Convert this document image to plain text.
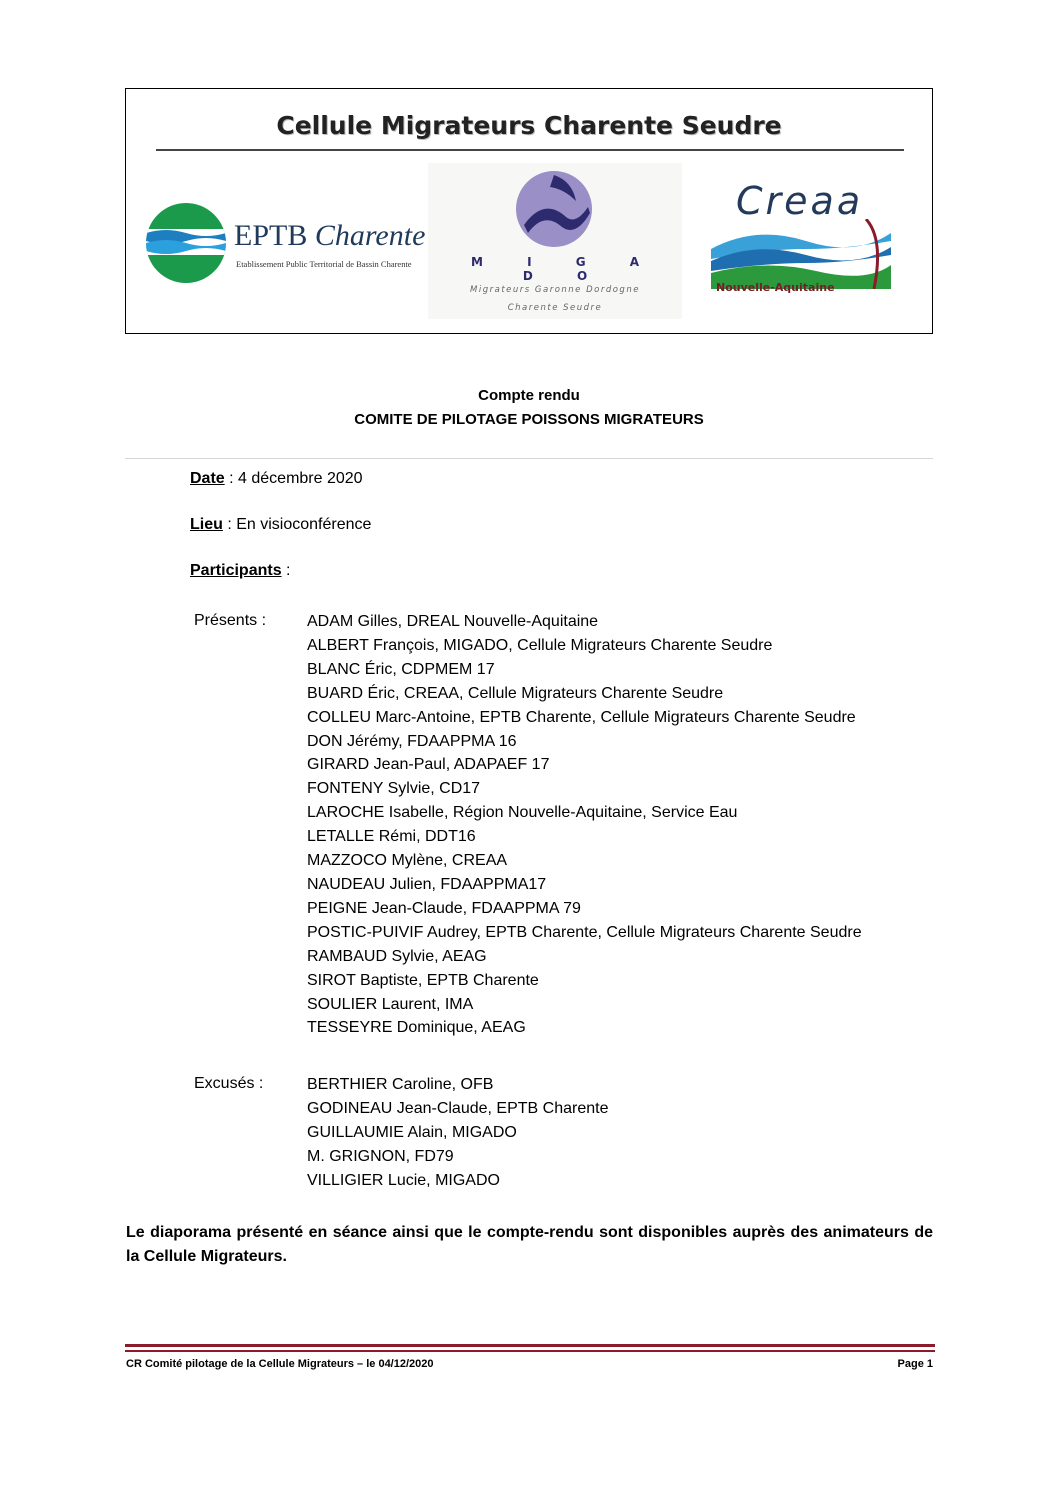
Cellule Migrateurs Charente Seudre
EPTB Charente
Etablissement Public Territorial de Bassin Charente	M I G A D O
Migrateurs Garonne Dordogne
Charente Seudre
Creaa
Nouvelle-Aquitaine
Compte rendu
COMITE DE PILOTAGE POISSONS MIGRATEURS
Date : 4 décembre 2020
Lieu : En visioconférence
Participants :
Présents :	ADAM Gilles, DREAL Nouvelle-Aquitaine
ALBERT François, MIGADO, Cellule Migrateurs Charente Seudre
BLANC Éric, CDPMEM 17
BUARD Éric, CREAA, Cellule Migrateurs Charente Seudre
COLLEU Marc-Antoine, EPTB Charente, Cellule Migrateurs Charente Seudre
DON Jérémy, FDAAPPMA 16
GIRARD Jean-Paul, ADAPAEF 17
FONTENY Sylvie, CD17
LAROCHE Isabelle, Région Nouvelle-Aquitaine, Service Eau
LETALLE Rémi, DDT16
MAZZOCO Mylène, CREAA
NAUDEAU Julien, FDAAPPMA17
PEIGNE Jean-Claude, FDAAPPMA 79
POSTIC-PUIVIF Audrey, EPTB Charente, Cellule Migrateurs Charente Seudre
RAMBAUD Sylvie, AEAG
SIROT Baptiste, EPTB Charente
SOULIER Laurent, IMA
TESSEYRE Dominique, AEAG
Excusés :	BERTHIER Caroline, OFB
GODINEAU Jean-Claude, EPTB Charente
GUILLAUMIE Alain, MIGADO
M. GRIGNON, FD79
VILLIGIER Lucie, MIGADO
Le diaporama présenté en séance ainsi que le compte-rendu sont disponibles auprès des animateurs de la Cellule Migrateurs.
CR Comité pilotage de la Cellule Migrateurs – le 04/12/2020	Page 1
